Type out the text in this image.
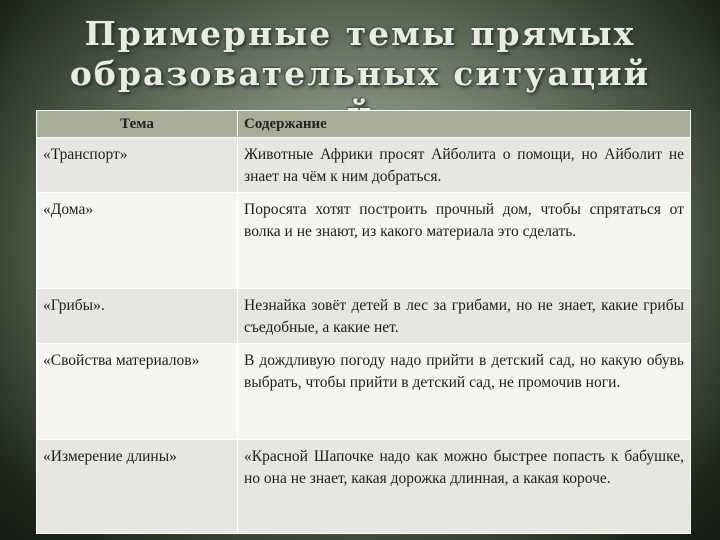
Примерные темы прямых
образовательных ситуаций
Тема	Содержание
«Транспорт»	Животные Африки просят Айболита о помощи, но Айболит не знает на чём к ним добраться.
«Дома»	Поросята хотят построить прочный дом, чтобы спрятаться от волка и не знают, из какого материала это сделать.
«Грибы».	Незнайка зовёт детей в лес за грибами, но не знает, какие грибы съедобные, а какие нет.
«Свойства материалов»	В дождливую погоду надо прийти в детский сад, но какую обувь выбрать, чтобы прийти в детский сад, не промочив ноги.
«Измерение длины»	«Красной Шапочке надо как можно быстрее попасть к бабушке, но она не знает, какая дорожка длинная, а какая короче.
